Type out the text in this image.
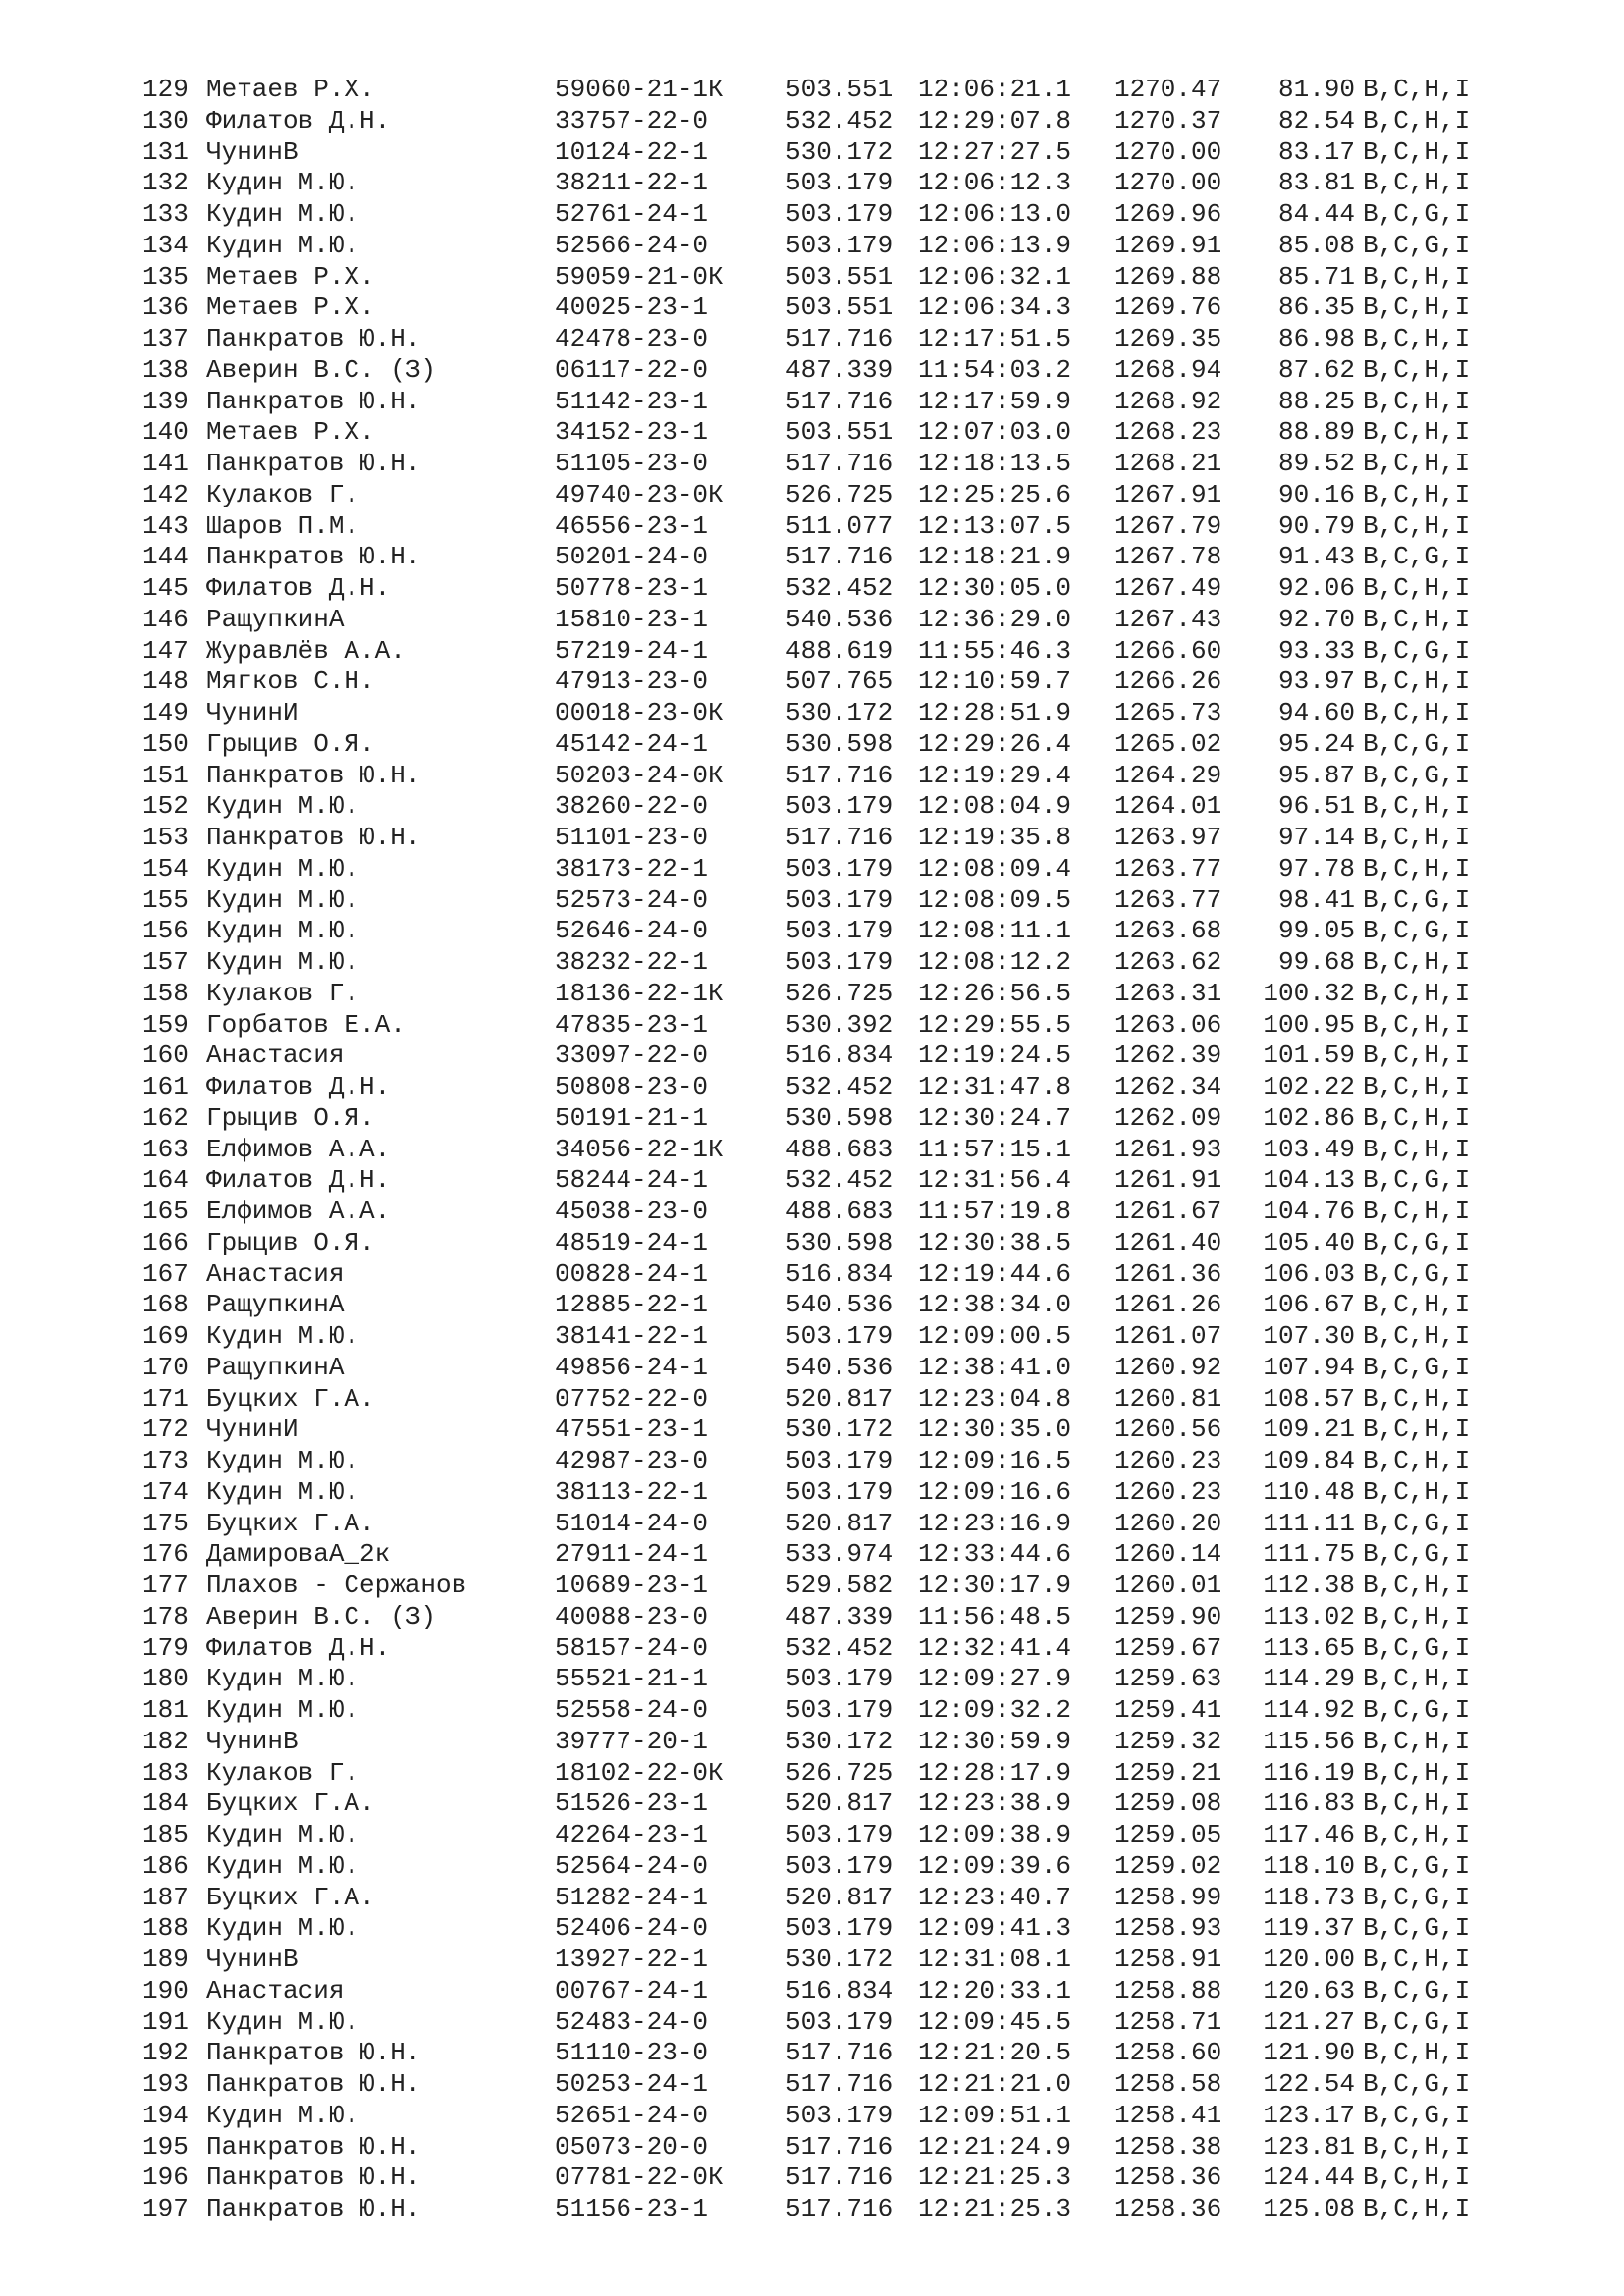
129 Метаев Р.Х.	59060-21-1К 503.551 12:06:21.1 1270.47	81.90 B,C,H,I
130 Филатов Д.Н.	33757-22-0	532.452 12:29:07.8 1270.37	82.54 B,C,H,I
131 ЧунинВ	10124-22-1	530.172 12:27:27.5 1270.00	83.17 B,C,H,I
132 Кудин М.Ю.	38211-22-1	503.179 12:06:12.3 1270.00	83.81 B,C,H,I
133 Кудин М.Ю.	52761-24-1	503.179 12:06:13.0 1269.96	84.44 B,C,G,I
134 Кудин М.Ю.	52566-24-0	503.179 12:06:13.9 1269.91	85.08 B,C,G,I
135 Метаев Р.Х.	59059-21-0К 503.551 12:06:32.1 1269.88	85.71 B,C,H,I
136 Метаев Р.Х.	40025-23-1	503.551 12:06:34.3 1269.76	86.35 B,C,H,I
137 Панкратов Ю.Н.	42478-23-0	517.716 12:17:51.5 1269.35	86.98 B,C,H,I
138 Аверин В.С. (З)	06117-22-0	487.339 11:54:03.2 1268.94	87.62 B,C,H,I
139 Панкратов Ю.Н.	51142-23-1	517.716 12:17:59.9 1268.92	88.25 B,C,H,I
140 Метаев Р.Х.	34152-23-1	503.551 12:07:03.0 1268.23	88.89 B,C,H,I
141 Панкратов Ю.Н.	51105-23-0	517.716 12:18:13.5 1268.21	89.52 B,C,H,I
142 Кулаков Г.	49740-23-0К 526.725 12:25:25.6 1267.91	90.16 B,C,H,I
143 Шаров П.М.	46556-23-1	511.077 12:13:07.5 1267.79	90.79 B,C,H,I
144 Панкратов Ю.Н.	50201-24-0	517.716 12:18:21.9 1267.78	91.43 B,C,G,I
145 Филатов Д.Н.	50778-23-1	532.452 12:30:05.0 1267.49	92.06 B,C,H,I
146 РащупкинА	15810-23-1	540.536 12:36:29.0 1267.43	92.70 B,C,H,I
147 Журавлёв А.А.	57219-24-1	488.619 11:55:46.3 1266.60	93.33 B,C,G,I
148 Мягков С.Н.	47913-23-0	507.765 12:10:59.7 1266.26	93.97 B,C,H,I
149 ЧунинИ	00018-23-0К 530.172 12:28:51.9 1265.73	94.60 B,C,H,I
150 Грыцив О.Я.	45142-24-1	530.598 12:29:26.4 1265.02	95.24 B,C,G,I
151 Панкратов Ю.Н.	50203-24-0К 517.716 12:19:29.4 1264.29	95.87 B,C,G,I
152 Кудин М.Ю.	38260-22-0	503.179 12:08:04.9 1264.01	96.51 B,C,H,I
153 Панкратов Ю.Н.	51101-23-0	517.716 12:19:35.8 1263.97	97.14 B,C,H,I
154 Кудин М.Ю.	38173-22-1	503.179 12:08:09.4 1263.77	97.78 B,C,H,I
155 Кудин М.Ю.	52573-24-0	503.179 12:08:09.5 1263.77	98.41 B,C,G,I
156 Кудин М.Ю.	52646-24-0	503.179 12:08:11.1 1263.68	99.05 B,C,G,I
157 Кудин М.Ю.	38232-22-1	503.179 12:08:12.2 1263.62	99.68 B,C,H,I
158 Кулаков Г.	18136-22-1К 526.725 12:26:56.5 1263.31	100.32 B,C,H,I
159 Горбатов Е.А.	47835-23-1	530.392 12:29:55.5 1263.06	100.95 B,C,H,I
160 Анастасия	33097-22-0	516.834 12:19:24.5 1262.39	101.59 B,C,H,I
161 Филатов Д.Н.	50808-23-0	532.452 12:31:47.8 1262.34	102.22 B,C,H,I
162 Грыцив О.Я.	50191-21-1	530.598 12:30:24.7 1262.09	102.86 B,C,H,I
163 Елфимов А.А.	34056-22-1К 488.683 11:57:15.1 1261.93	103.49 B,C,H,I
164 Филатов Д.Н.	58244-24-1	532.452 12:31:56.4 1261.91	104.13 B,C,G,I
165 Елфимов А.А.	45038-23-0	488.683 11:57:19.8 1261.67	104.76 B,C,H,I
166 Грыцив О.Я.	48519-24-1	530.598 12:30:38.5 1261.40	105.40 B,C,G,I
167 Анастасия	00828-24-1	516.834 12:19:44.6 1261.36	106.03 B,C,G,I
168 РащупкинА	12885-22-1	540.536 12:38:34.0 1261.26	106.67 B,C,H,I
169 Кудин М.Ю.	38141-22-1	503.179 12:09:00.5 1261.07	107.30 B,C,H,I
170 РащупкинА	49856-24-1	540.536 12:38:41.0 1260.92	107.94 B,C,G,I
171 Буцких Г.А.	07752-22-0	520.817 12:23:04.8 1260.81	108.57 B,C,H,I
172 ЧунинИ	47551-23-1	530.172 12:30:35.0 1260.56	109.21 B,C,H,I
173 Кудин М.Ю.	42987-23-0	503.179 12:09:16.5 1260.23	109.84 B,C,H,I
174 Кудин М.Ю.	38113-22-1	503.179 12:09:16.6 1260.23	110.48 B,C,H,I
175 Буцких Г.А.	51014-24-0	520.817 12:23:16.9 1260.20	111.11 B,C,G,I
176 ДамироваА_2к	27911-24-1	533.974 12:33:44.6 1260.14	111.75 B,C,G,I
177 Плахов - Сержанов	10689-23-1	529.582 12:30:17.9 1260.01	112.38 B,C,H,I
178 Аверин В.С. (З)	40088-23-0	487.339 11:56:48.5 1259.90	113.02 B,C,H,I
179 Филатов Д.Н.	58157-24-0	532.452 12:32:41.4 1259.67	113.65 B,C,G,I
180 Кудин М.Ю.	55521-21-1	503.179 12:09:27.9 1259.63	114.29 B,C,H,I
181 Кудин М.Ю.	52558-24-0	503.179 12:09:32.2 1259.41	114.92 B,C,G,I
182 ЧунинВ	39777-20-1	530.172 12:30:59.9 1259.32	115.56 B,C,H,I
183 Кулаков Г.	18102-22-0К 526.725 12:28:17.9 1259.21	116.19 B,C,H,I
184 Буцких Г.А.	51526-23-1	520.817 12:23:38.9 1259.08	116.83 B,C,H,I
185 Кудин М.Ю.	42264-23-1	503.179 12:09:38.9 1259.05	117.46 B,C,H,I
186 Кудин М.Ю.	52564-24-0	503.179 12:09:39.6 1259.02	118.10 B,C,G,I
187 Буцких Г.А.	51282-24-1	520.817 12:23:40.7 1258.99	118.73 B,C,G,I
188 Кудин М.Ю.	52406-24-0	503.179 12:09:41.3 1258.93	119.37 B,C,G,I
189 ЧунинВ	13927-22-1	530.172 12:31:08.1 1258.91	120.00 B,C,H,I
190 Анастасия	00767-24-1	516.834 12:20:33.1 1258.88	120.63 B,C,G,I
191 Кудин М.Ю.	52483-24-0	503.179 12:09:45.5 1258.71	121.27 B,C,G,I
192 Панкратов Ю.Н.	51110-23-0	517.716 12:21:20.5 1258.60	121.90 B,C,H,I
193 Панкратов Ю.Н.	50253-24-1	517.716 12:21:21.0 1258.58	122.54 B,C,G,I
194 Кудин М.Ю.	52651-24-0	503.179 12:09:51.1 1258.41	123.17 B,C,G,I
195 Панкратов Ю.Н.	05073-20-0	517.716 12:21:24.9 1258.38	123.81 B,C,H,I
196 Панкратов Ю.Н.	07781-22-0К 517.716 12:21:25.3 1258.36	124.44 B,C,H,I
197 Панкратов Ю.Н.	51156-23-1	517.716 12:21:25.3 1258.36	125.08 B,C,H,I
